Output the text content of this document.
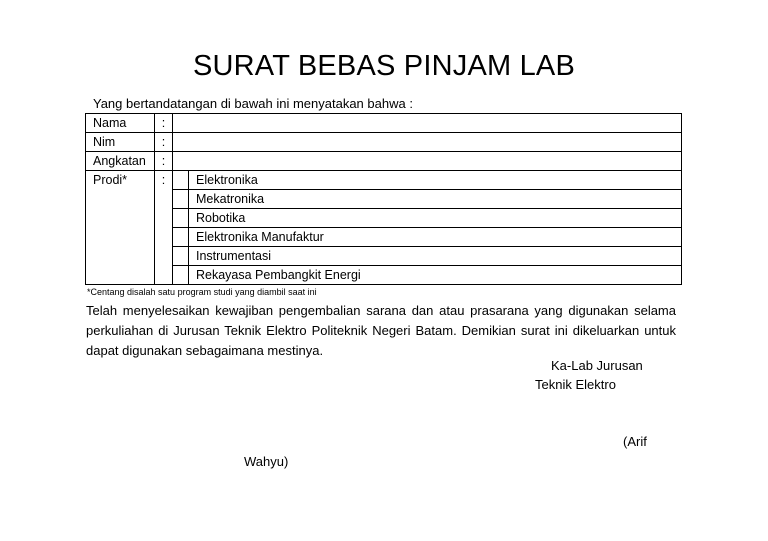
SURAT BEBAS PINJAM LAB
Yang bertandatangan di bawah ini menyatakan bahwa :
Nama	:		
Nim	:		
Angkatan	:		
Prodi*	:		Elektronika
			Mekatronika
			Robotika
			Elektronika Manufaktur
			Instrumentasi
			Rekayasa Pembangkit Energi
*Centang disalah satu program studi yang diambil saat ini
Telah menyelesaikan kewajiban pengembalian sarana dan atau prasarana yang digunakan selama perkuliahan di Jurusan Teknik Elektro Politeknik Negeri Batam. Demikian surat ini dikeluarkan untuk dapat digunakan sebagaimana mestinya.
Ka-Lab Jurusan
Teknik Elektro
(Arif
Wahyu)
